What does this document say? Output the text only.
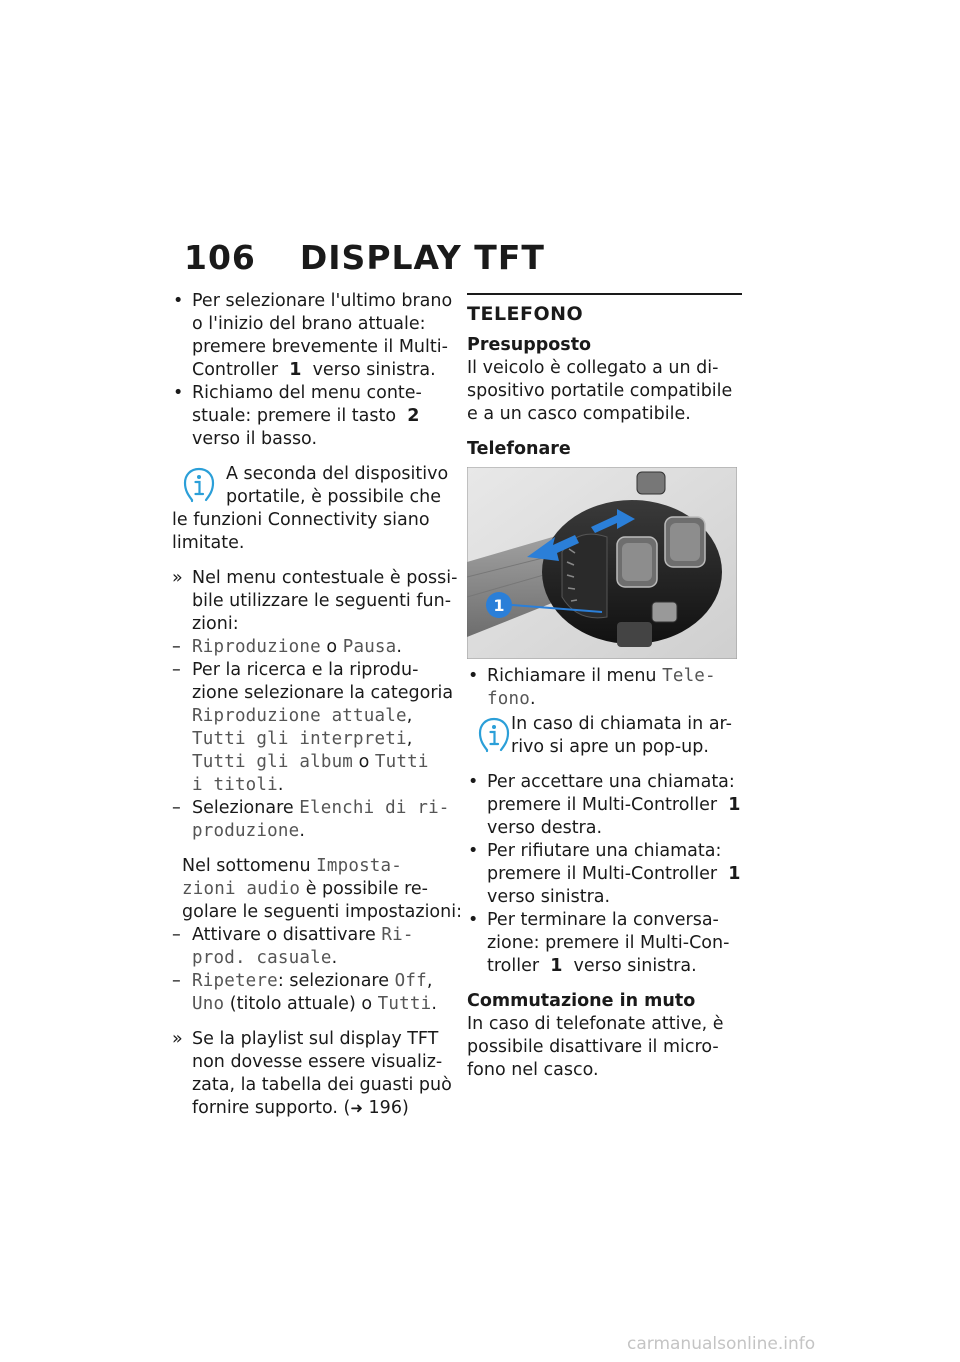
106 DISPLAY TFT
• Per selezionare l'ultimo brano
o l'inizio del brano attuale:
premere brevemente il Multi-
Controller 1 verso sinistra.
• Richiamo del menu conte-
stuale: premere il tasto 2
verso il basso.
A seconda del dispositivo
portatile, è possibile che
le funzioni Connectivity siano
limitate.
» Nel menu contestuale è possi-
bile utilizzare le seguenti fun-
zioni:
– Riproduzione o Pausa.
– Per la ricerca e la riprodu-
zione selezionare la categoria
Riproduzione attuale,
Tutti gli interpreti,
Tutti gli album o Tutti
i titoli.
– Selezionare Elenchi di ri-
produzione.
Nel sottomenu Imposta-
zioni audio è possibile re-
golare le seguenti impostazioni:
– Attivare o disattivare Ri-
prod. casuale.
– Ripetere: selezionare Off,
Uno (titolo attuale) o Tutti.
» Se la playlist sul display TFT
non dovesse essere visualiz-
zata, la tabella dei guasti può
fornire supporto. (➜ 196)
TELEFONO
Presupposto
Il veicolo è collegato a un di-
spositivo portatile compatibile
e a un casco compatibile.
Telefonare
1
• Richiamare il menu Tele-
fono.
In caso di chiamata in ar-
rivo si apre un pop-up.
• Per accettare una chiamata:
premere il Multi-Controller 1
verso destra.
• Per rifiutare una chiamata:
premere il Multi-Controller 1
verso sinistra.
• Per terminare la conversa-
zione: premere il Multi-Con-
troller 1 verso sinistra.
Commutazione in muto
In caso di telefonate attive, è
possibile disattivare il micro-
fono nel casco.
carmanualsonline.info
